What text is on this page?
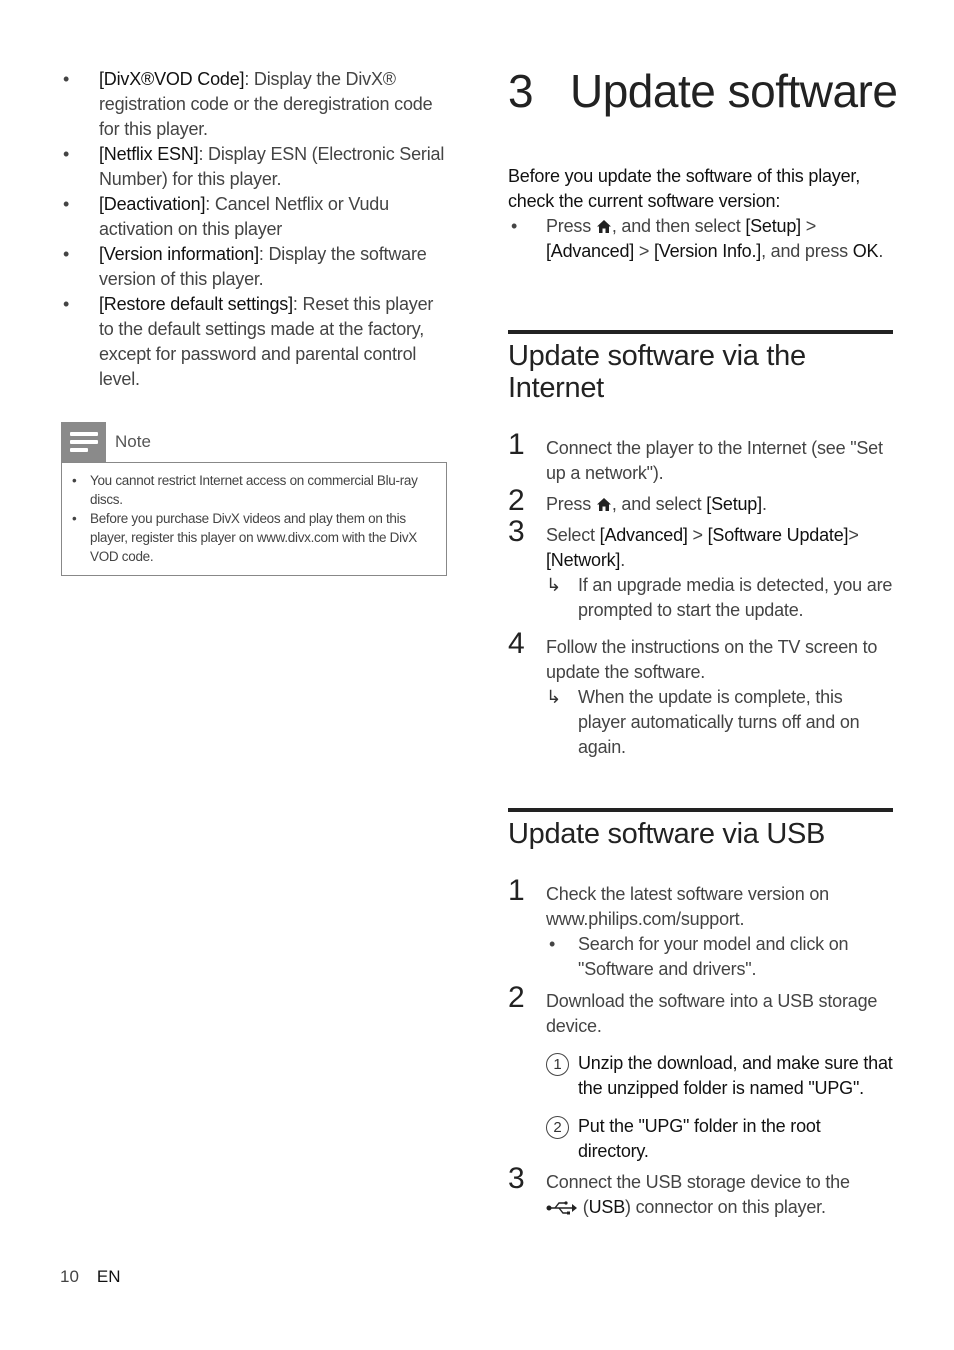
• [DivX®VOD Code]: Display the DivX® registration code or the deregistration code for this player.
• [Netflix ESN]: Display ESN (Electronic Serial Number) for this player.
• [Deactivation]: Cancel Netflix or Vudu activation on this player
• [Version information]: Display the software version of this player.
• [Restore default settings]: Reset this player to the default settings made at the factory, except for password and parental control level.
Note
• You cannot restrict Internet access on commercial Blu-ray discs.
• Before you purchase DivX videos and play them on this player, register this player on www.divx.com with the DivX VOD code.
3 Update software
Before you update the software of this player, check the current software version:
• Press , and then select [Setup] > [Advanced] > [Version Info.], and press OK.
Update software via the Internet
1 Connect the player to the Internet (see "Set up a network").
2 Press , and select [Setup].
3 Select [Advanced] > [Software Update]> [Network].
↳ If an upgrade media is detected, you are prompted to start the update.
4 Follow the instructions on the TV screen to update the software.
↳ When the update is complete, this player automatically turns off and on again.
Update software via USB
1 Check the latest software version on www.philips.com/support.
• Search for your model and click on "Software and drivers".
2 Download the software into a USB storage device.
1 Unzip the download, and make sure that the unzipped folder is named "UPG".
2 Put the "UPG" folder in the root directory.
3 Connect the USB storage device to the
(USB) connector on this player.
10 EN
